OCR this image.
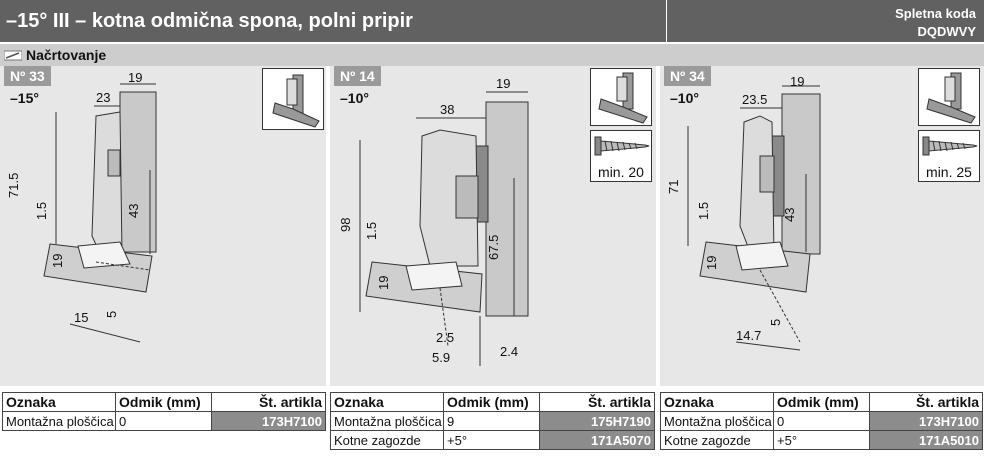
–15° III – kotna odmična spona, polni pripir	Spletna koda
DQDWVY
Načrtovanje
Nº 33
–15°
19
23
71.5
43
1.5
19
15 5
Nº 14
–10°
min. 20
19
38
98
67.5
1.5
19
2.5
5.9	2.4
Nº 34
–10°
min. 25
19
23.5
71
43
1.5
19
14.7
5
Oznaka	Odmik (mm)	Št. artikla
Montažna ploščica	0	173H7100
Oznaka	Odmik (mm)	Št. artikla
Montažna ploščica	9	175H7190
Kotne zagozde	+5°	171A5070
Oznaka	Odmik (mm)	Št. artikla
Montažna ploščica	0	173H7100
Kotne zagozde	+5°	171A5010
